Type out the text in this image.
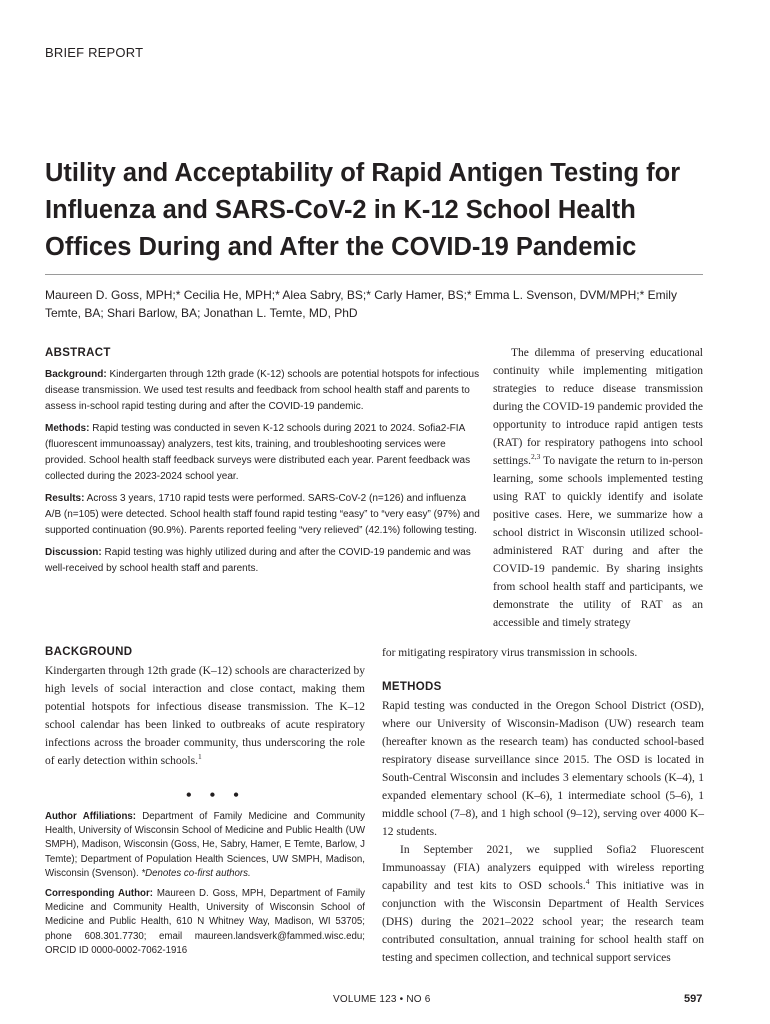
BRIEF REPORT
Utility and Acceptability of Rapid Antigen Testing for Influenza and SARS-CoV-2 in K-12 School Health Offices During and After the COVID-19 Pandemic
Maureen D. Goss, MPH;* Cecilia He, MPH;* Alea Sabry, BS;* Carly Hamer, BS;* Emma L. Svenson, DVM/MPH;* Emily Temte, BA; Shari Barlow, BA; Jonathan L. Temte, MD, PhD
ABSTRACT

Background: Kindergarten through 12th grade (K-12) schools are potential hotspots for infectious disease transmission. We used test results and feedback from school health staff and parents to assess in-school rapid testing during and after the COVID-19 pandemic.

Methods: Rapid testing was conducted in seven K-12 schools during 2021 to 2024. Sofia2-FIA (fluorescent immunoassay) analyzers, test kits, training, and troubleshooting services were provided. School health staff feedback surveys were distributed each year. Parent feedback was collected during the 2023-2024 school year.

Results: Across 3 years, 1710 rapid tests were performed. SARS-CoV-2 (n=126) and influenza A/B (n=105) were detected. School health staff found rapid testing “easy” to “very easy” (97%) and supported continuation (90.9%). Parents reported feeling “very relieved” (42.1%) following testing.

Discussion: Rapid testing was highly utilized during and after the COVID-19 pandemic and was well-received by school health staff and parents.

The dilemma of preserving educational continuity while implementing mitigation strategies to reduce disease transmission during the COVID-19 pandemic provided the opportunity to introduce rapid antigen tests (RAT) for respiratory pathogens into school settings.$^{2,3}$ To navigate the return to in-person learning, some schools implemented testing using RAT to quickly identify and isolate positive cases. Here, we summarize how a school district in Wisconsin utilized school-administered RAT during and after the COVID-19 pandemic. By sharing insights from school health staff and participants, we demonstrate the utility of RAT as an accessible and timely strategy
for mitigating respiratory virus transmission in schools.
BACKGROUND

Kindergarten through 12th grade (K–12) schools are characterized by high levels of social interaction and close contact, making them potential hotspots for infectious disease transmission. The K–12 school calendar has been linked to outbreaks of acute respiratory infections across the broader community, thus underscoring the role of early detection within schools.$^1$

• • •

Author Affiliations: Department of Family Medicine and Community Health, University of Wisconsin School of Medicine and Public Health (UW SMPH), Madison, Wisconsin (Goss, He, Sabry, Hamer, E Temte, Barlow, J Temte); Department of Population Health Sciences, UW SMPH, Madison, Wisconsin (Svenson). *Denotes co-first authors.

Corresponding Author: Maureen D. Goss, MPH, Department of Family Medicine and Community Health, University of Wisconsin School of Medicine and Public Health, 610 N Whitney Way, Madison, WI 53705; phone 608.301.7730; email maureen.landsverk@fammed.wisc.edu; ORCID ID 0000-0002-7062-1916

METHODS

Rapid testing was conducted in the Oregon School District (OSD), where our University of Wisconsin-Madison (UW) research team (hereafter known as the research team) has conducted school-based respiratory disease surveillance since 2015. The OSD is located in South-Central Wisconsin and includes 3 elementary schools (K–4), 1 expanded elementary school (K–6), 1 intermediate school (5–6), 1 middle school (7–8), and 1 high school (9–12), serving over 4000 K–12 students.

In September 2021, we supplied Sofia2 Fluorescent Immunoassay (FIA) analyzers equipped with wireless reporting capability and test kits to OSD schools.$^4$ This initiative was in conjunction with the Wisconsin Department of Health Services (DHS) during the 2021–2022 school year; the research team contributed consultation, annual training for school health staff on testing and specimen collection, and technical support services

VOLUME 123 • NO 6	597
